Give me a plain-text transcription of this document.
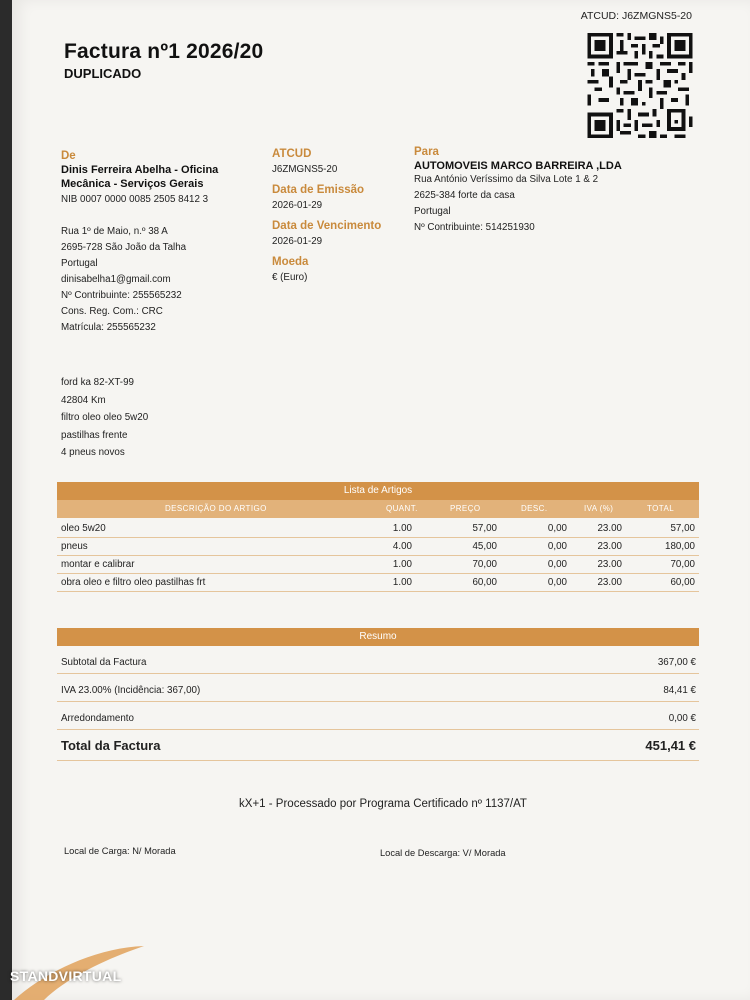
ATCUD: J6ZMGNS5-20
Factura nº1 2026/20
DUPLICADO
De
Dinis Ferreira Abelha - Oficina
Mecânica - Serviços Gerais
NIB 0007 0000 0085 2505 8412 3
Rua 1º de Maio, n.º 38 A
2695-728 São João da Talha
Portugal
dinisabelha1@gmail.com
Nº Contribuinte: 255565232
Cons. Reg. Com.: CRC
Matrícula: 255565232
ATCUD
J6ZMGNS5-20
Data de Emissão
2026-01-29
Data de Vencimento
2026-01-29
Moeda
€ (Euro)
Para
AUTOMOVEIS MARCO BARREIRA ,LDA
Rua António Veríssimo da Silva Lote 1 & 2
2625-384 forte da casa
Portugal
Nº Contribuinte: 514251930
ford ka 82-XT-99
42804 Km
filtro oleo oleo 5w20
pastilhas frente
4 pneus novos
Lista de Artigos
DESCRIÇÃO DO ARTIGO	QUANT.	PREÇO	DESC.	IVA (%)	TOTAL
oleo 5w20	1.00	57,00	0,00	23.00	57,00
pneus	4.00	45,00	0,00	23.00	180,00
montar e calibrar	1.00	70,00	0,00	23.00	70,00
obra oleo e filtro oleo pastilhas frt	1.00	60,00	0,00	23.00	60,00
Resumo
Subtotal da Factura	367,00 €
IVA 23.00% (Incidência: 367,00)	84,41 €
Arredondamento	0,00 €
Total da Factura	451,41 €
kX+1 - Processado por Programa Certificado nº 1137/AT
Local de Carga: N/ Morada	Local de Descarga: V/ Morada
STANDVIRTUAL
